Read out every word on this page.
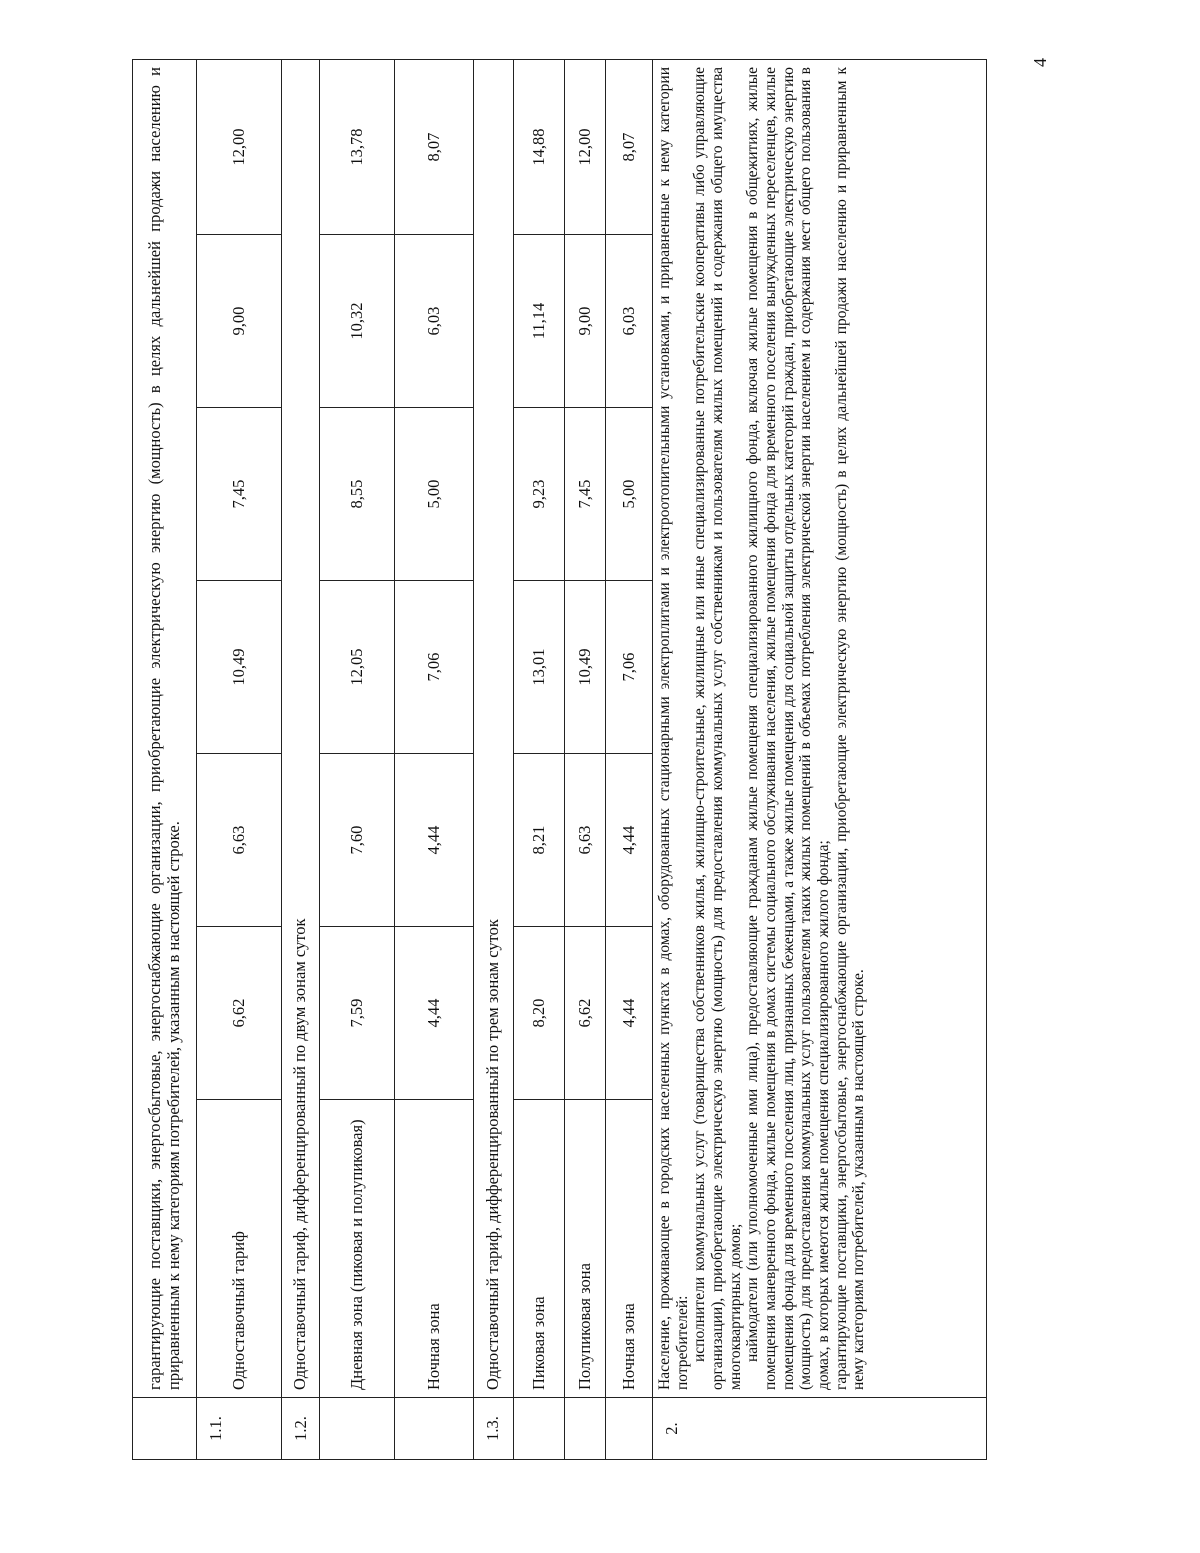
4
	гарантирующие поставщики, энергосбытовые, энергоснабжающие организации, приобретающие электрическую энергию (мощность) в целях дальнейшей продажи населению и приравненным к нему категориям потребителей, указанным в настоящей строке.						
1.1.	Одноставочный тариф	6,62	6,63	10,49	7,45	9,00	12,00
1.2.	Одноставочный тариф, дифференцированный по двум зонам суток						
	Дневная зона (пиковая и полупиковая)	7,59	7,60	12,05	8,55	10,32	13,78
	Ночная зона	4,44	4,44	7,06	5,00	6,03	8,07
1.3.	Одноставочный тариф, дифференцированный по трем зонам суток						
	Пиковая зона	8,20	8,21	13,01	9,23	11,14	14,88
	Полупиковая зона	6,62	6,63	10,49	7,45	9,00	12,00
	Ночная зона	4,44	4,44	7,06	5,00	6,03	8,07
2.	Население, проживающее в городских населенных пунктах в домах, оборудованных стационарными электроплитами и электроотопительными установками, и приравненные к нему категории потребителей: исполнители коммунальных услуг (товарищества собственников жилья, жилищно-строительные, жилищные или иные специализированные потребительские кооперативы либо управляющие организации), приобретающие электрическую энергию (мощность) для предоставления коммунальных услуг собственникам и пользователям жилых помещений и содержания общего имущества многоквартирных домов; наймодатели (или уполномоченные ими лица), предоставляющие гражданам жилые помещения специализированного жилищного фонда, включая жилые помещения в общежитиях, жилые помещения маневренного фонда, жилые помещения в домах системы социального обслуживания населения, жилые помещения фонда для временного поселения вынужденных переселенцев, жилые помещения фонда для временного поселения лиц, признанных беженцами, а также жилые помещения для социальной защиты отдельных категорий граждан, приобретающие электрическую энергию (мощность) для предоставления коммунальных услуг пользователям таких жилых помещений в объемах потребления электрической энергии населением и содержания мест общего пользования в домах, в которых имеются жилые помещения специализированного жилого фонда; гарантирующие поставщики, энергосбытовые, энергоснабжающие организации, приобретающие электрическую энергию (мощность) в целях дальнейшей продажи населению и приравненным к нему категориям потребителей, указанным в настоящей строке.						
